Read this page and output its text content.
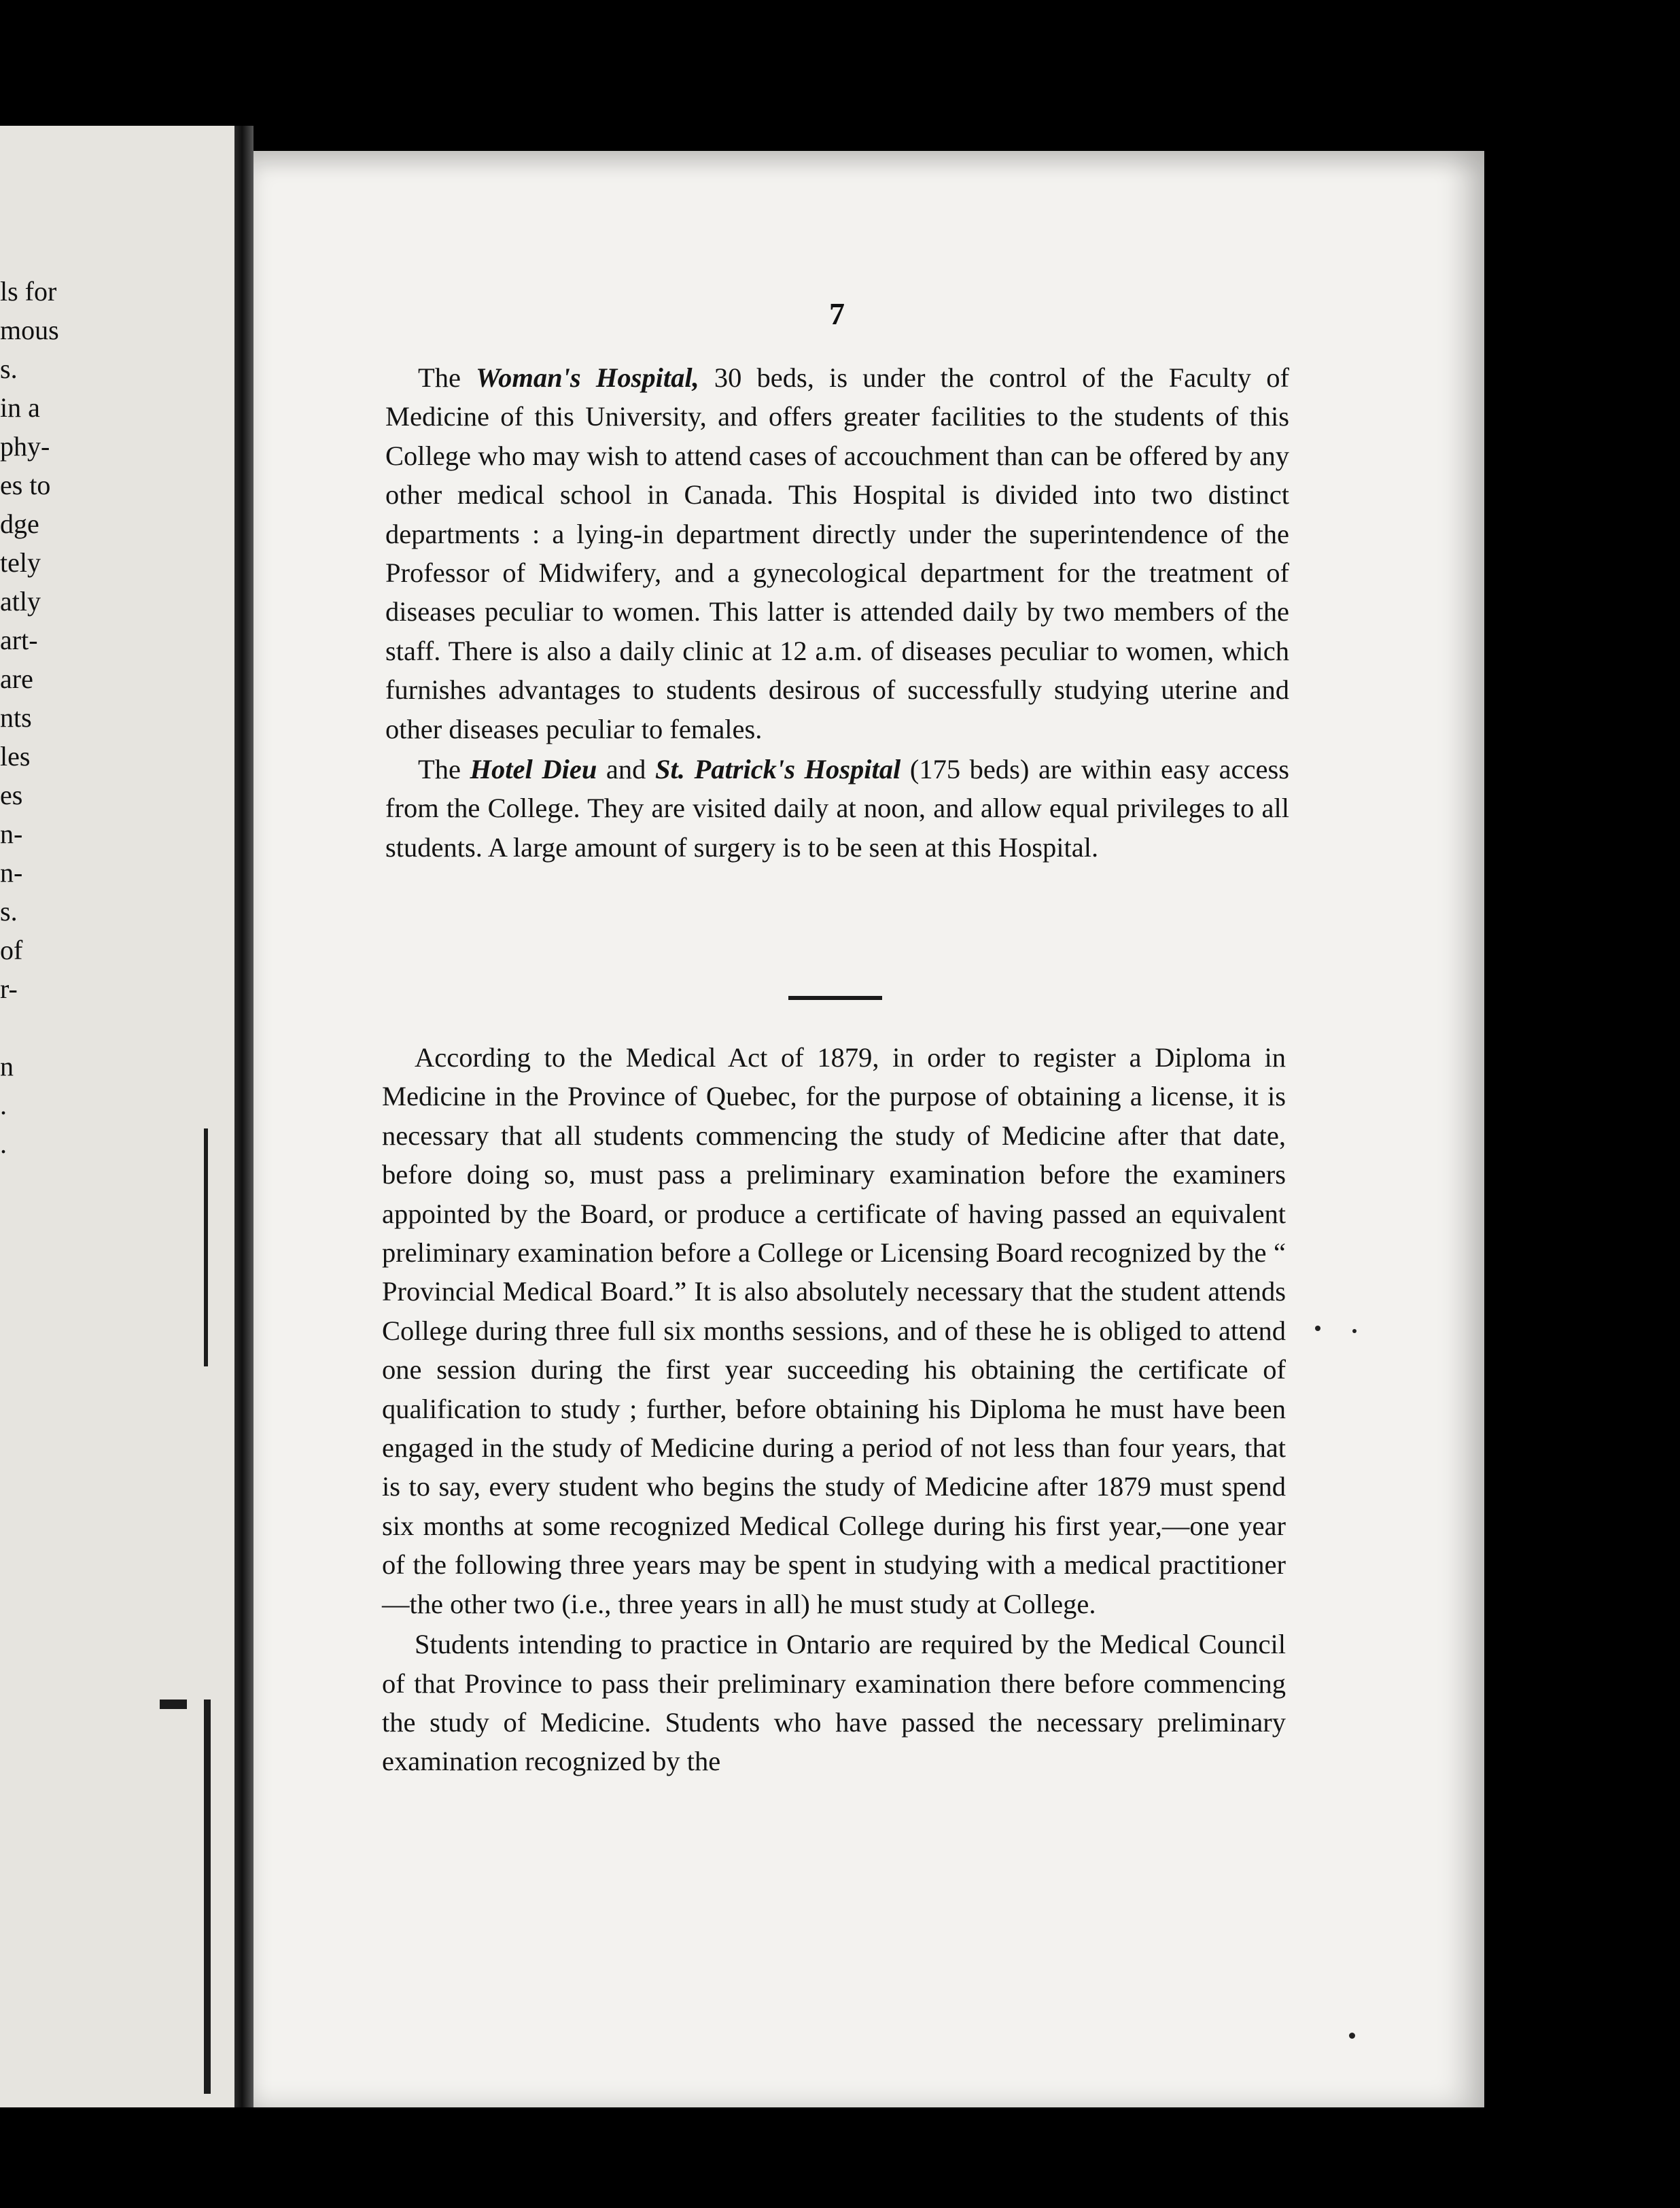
ls for
mous
s.
in a
phy-
es to
dge
tely
atly
art-
are
nts
les
es
n-
n-
s.
of
r-
n
.
.
7

The Woman's Hospital, 30 beds, is under the control of the Faculty of Medicine of this University, and offers greater facilities to the students of this College who may wish to attend cases of accouchment than can be offered by any other medical school in Canada. This Hospital is divided into two distinct departments : a lying-in department directly under the superintendence of the Professor of Midwifery, and a gynecological department for the treatment of diseases peculiar to women. This latter is attended daily by two members of the staff. There is also a daily clinic at 12 a.m. of diseases peculiar to women, which furnishes advantages to students desirous of successfully studying uterine and other diseases peculiar to females.

The Hotel Dieu and St. Patrick's Hospital (175 beds) are within easy access from the College. They are visited daily at noon, and allow equal privileges to all students. A large amount of surgery is to be seen at this Hospital.

According to the Medical Act of 1879, in order to register a Diploma in Medicine in the Province of Quebec, for the purpose of obtaining a license, it is necessary that all students commencing the study of Medicine after that date, before doing so, must pass a preliminary examination before the examiners appointed by the Board, or produce a certificate of having passed an equivalent preliminary examination before a College or Licensing Board recognized by the “ Provincial Medical Board.” It is also absolutely necessary that the student attends College during three full six months sessions, and of these he is obliged to attend one session during the first year succeeding his obtaining the certificate of qualification to study ; further, before obtaining his Diploma he must have been engaged in the study of Medicine during a period of not less than four years, that is to say, every student who begins the study of Medicine after 1879 must spend six months at some recognized Medical College during his first year,—one year of the following three years may be spent in studying with a medical practitioner—the other two (i.e., three years in all) he must study at College.

Students intending to practice in Ontario are required by the Medical Council of that Province to pass their preliminary examination there before commencing the study of Medicine. Students who have passed the necessary preliminary examination recognized by the
